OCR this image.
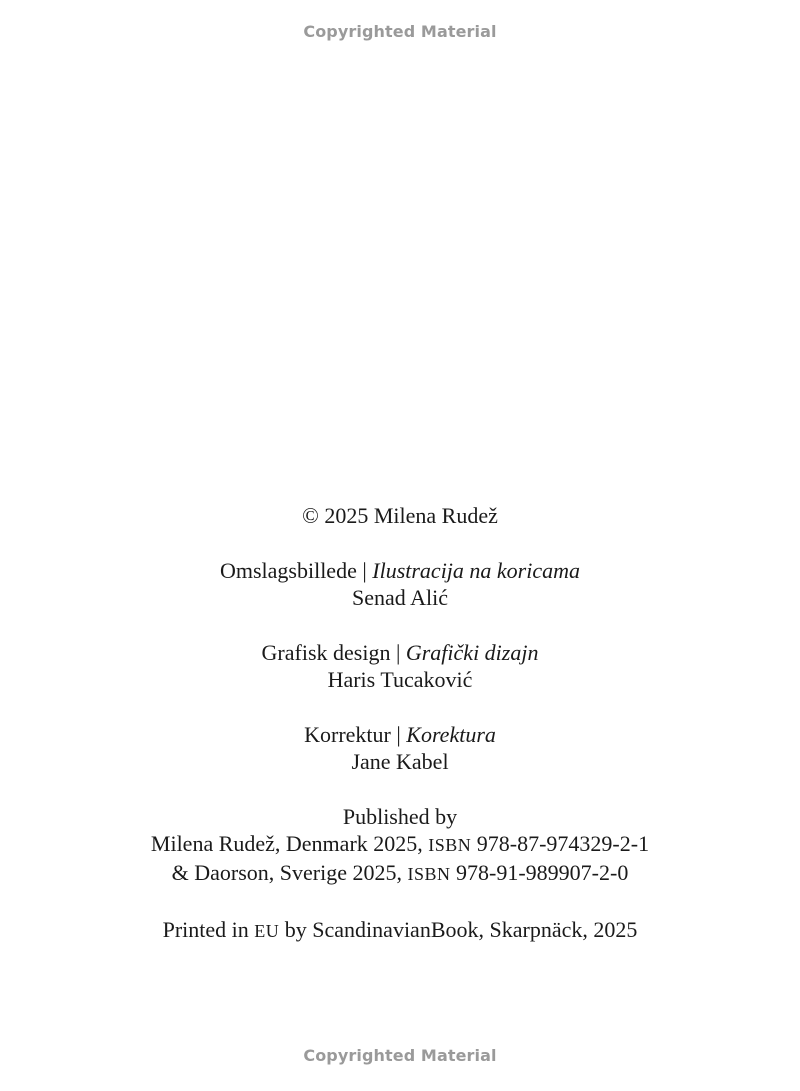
Copyrighted Material
© 2025 Milena Rudež
Omslagsbillede | Ilustracija na koricama
Senad Alić
Grafisk design | Grafički dizajn
Haris Tucaković
Korrektur | Korektura
Jane Kabel
Published by
Milena Rudež, Denmark 2025, ISBN 978-87-974329-2-1
& Daorson, Sverige 2025, ISBN 978-91-989907-2-0
Printed in EU by ScandinavianBook, Skarpnäck, 2025
Copyrighted Material
